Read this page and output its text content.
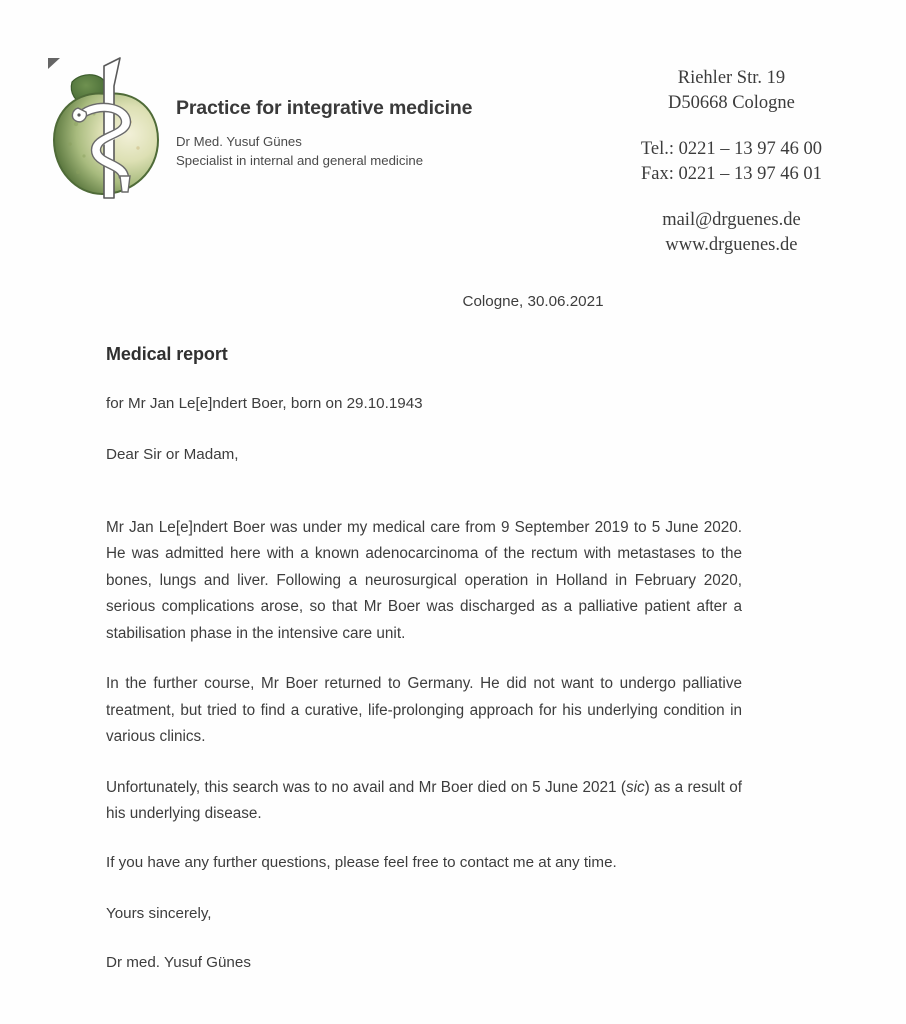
Practice for integrative medicine
Dr Med. Yusuf Günes
Specialist in internal and general medicine
Riehler Str. 19
D50668 Cologne
Tel.: 0221 – 13 97 46 00
Fax: 0221 – 13 97 46 01
mail@drguenes.de
www.drguenes.de
Cologne, 30.06.2021
Medical report

for Mr Jan Le[e]ndert Boer, born on 29.10.1943

Dear Sir or Madam,

Mr Jan Le[e]ndert Boer was under my medical care from 9 September 2019 to 5 June 2020. He was admitted here with a known adenocarcinoma of the rectum with metastases to the bones, lungs and liver. Following a neurosurgical operation in Holland in February 2020, serious complications arose, so that Mr Boer was discharged as a palliative patient after a stabilisation phase in the intensive care unit.

In the further course, Mr Boer returned to Germany. He did not want to undergo palliative treatment, but tried to find a curative, life-prolonging approach for his underlying condition in various clinics.

Unfortunately, this search was to no avail and Mr Boer died on 5 June 2021 (sic) as a result of his underlying disease.

If you have any further questions, please feel free to contact me at any time.

Yours sincerely,

Dr med. Yusuf Günes
